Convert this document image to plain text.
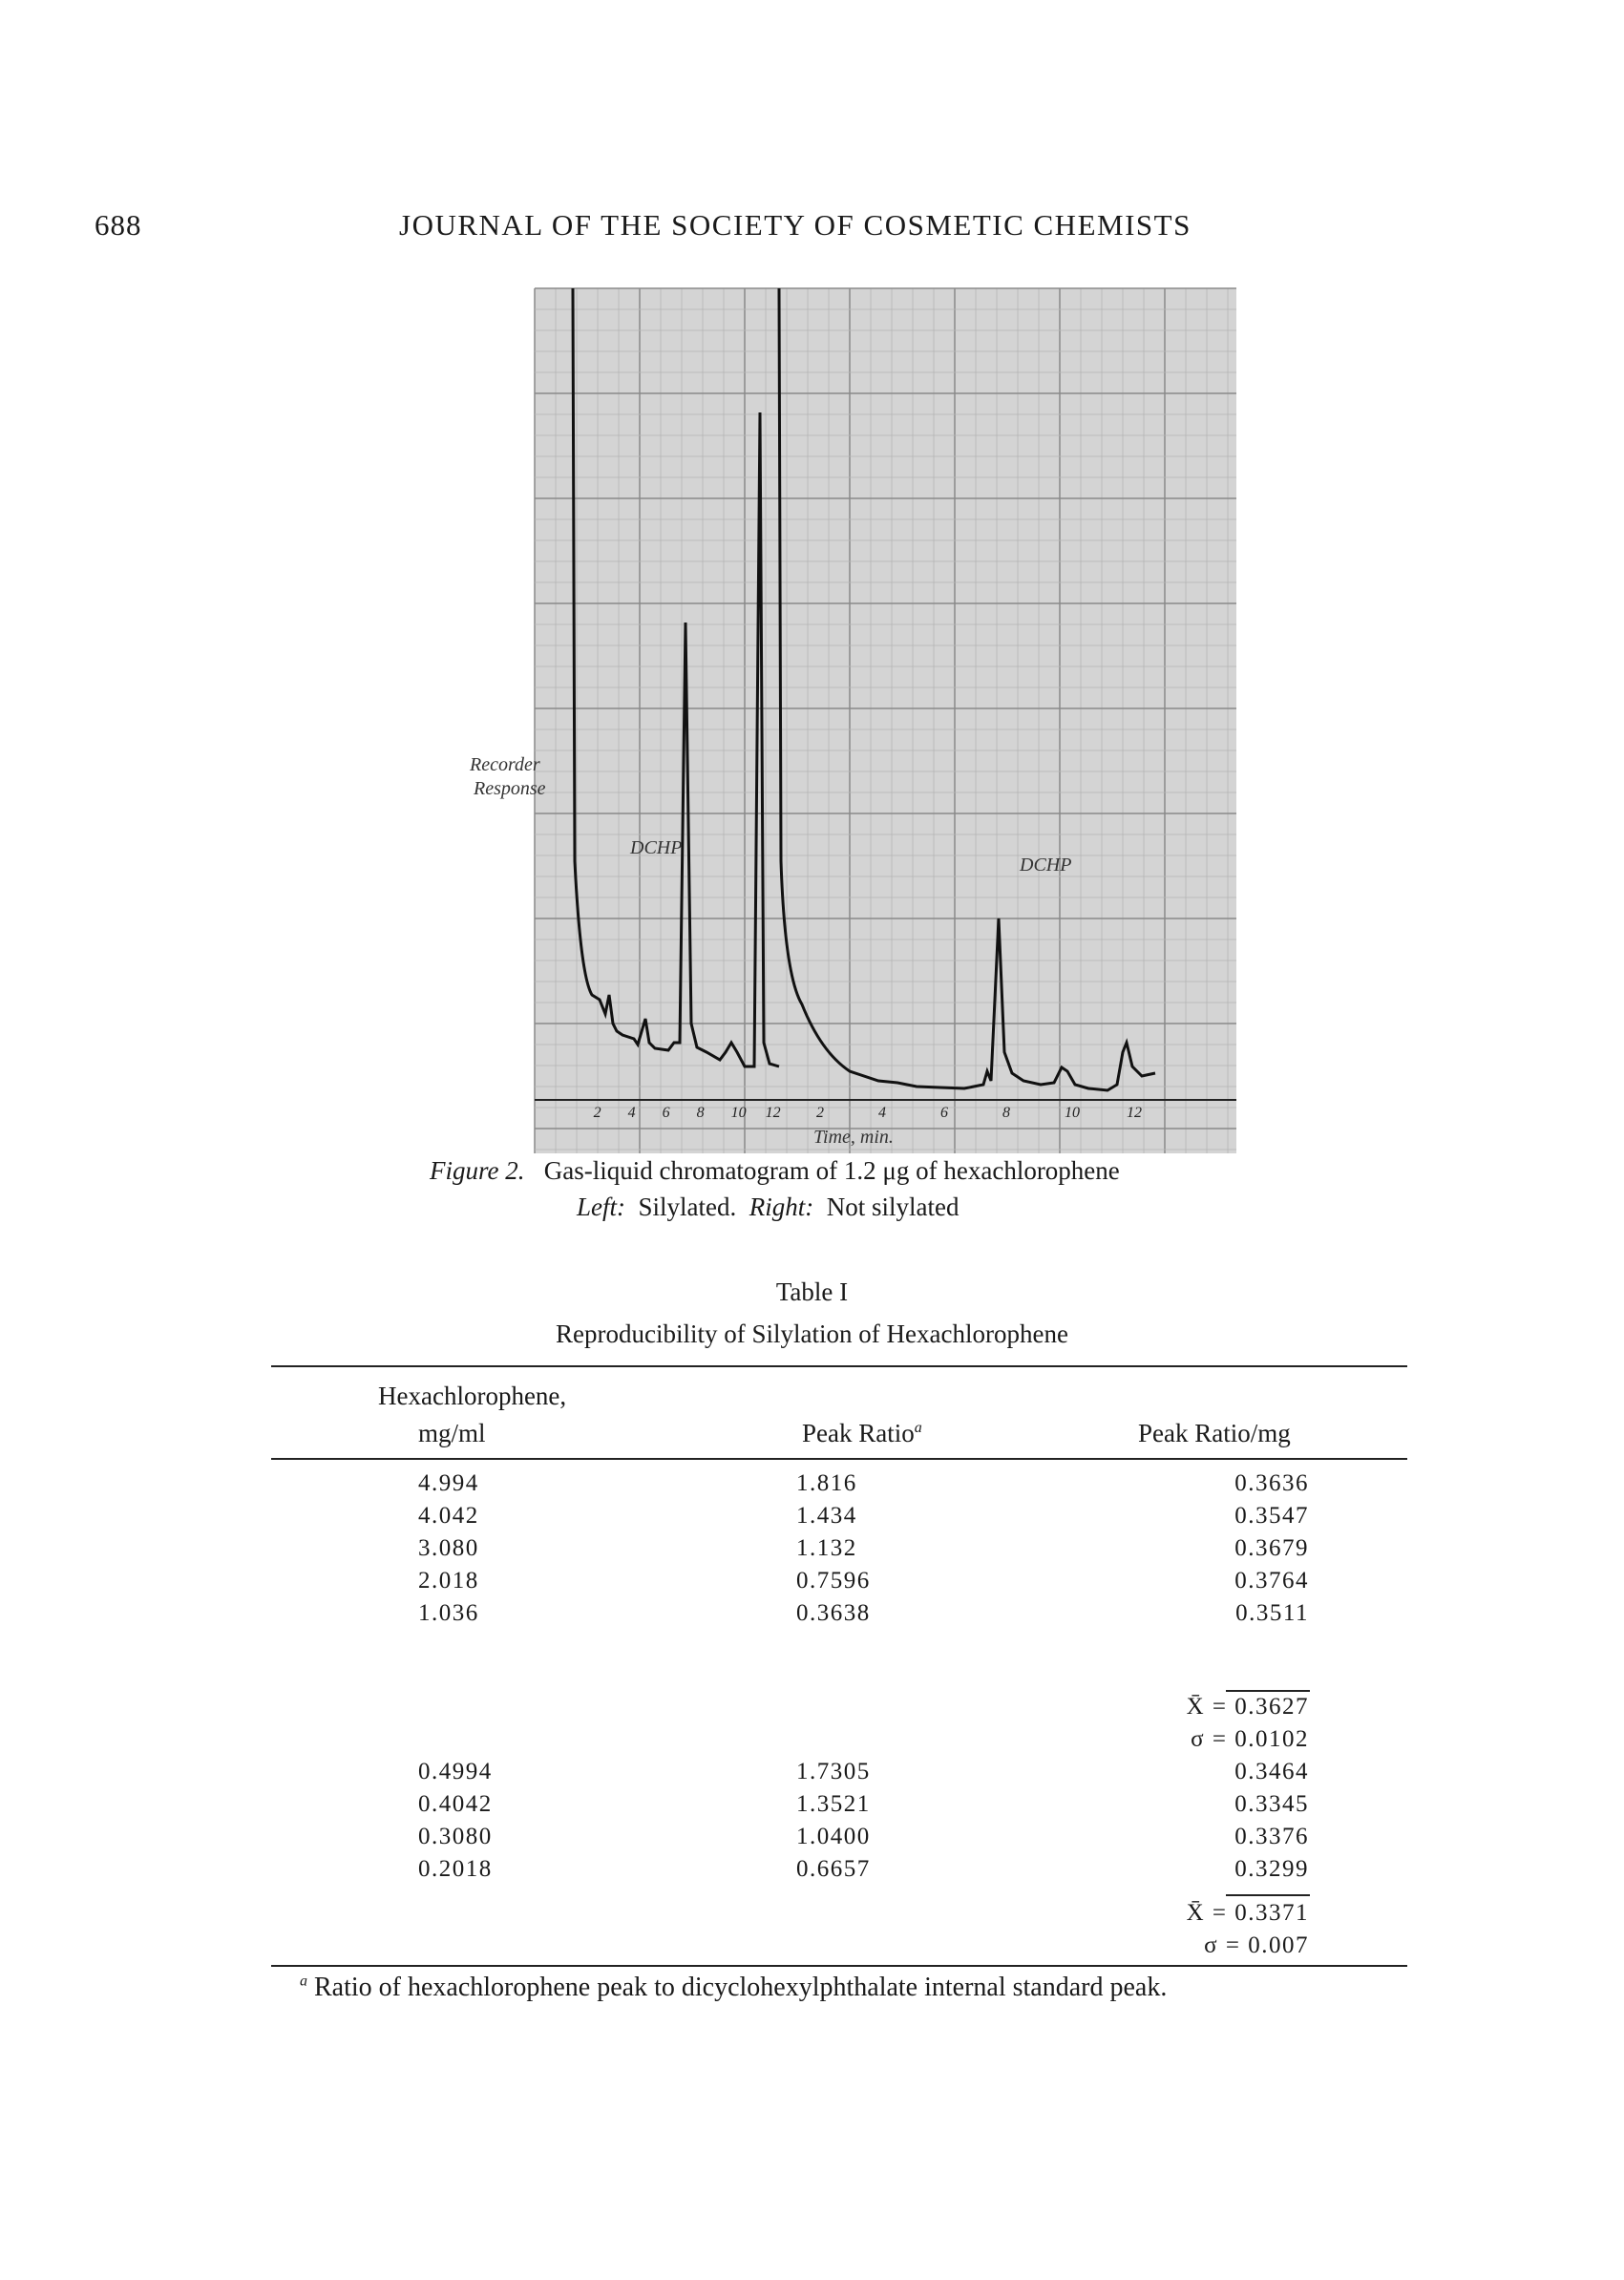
688	JOURNAL OF THE SOCIETY OF COSMETIC CHEMISTS
Recorder
Response
DCHP
DCHP
Time, min.
2 4 6 8 10 12 2	4	6	8	10	12
Figure 2. Gas-liquid chromatogram of 1.2 μg of hexachlorophene
Left: Silylated. Right: Not silylated
Table I
Reproducibility of Silylation of Hexachlorophene
Hexachlorophene,
mg/ml	Peak Ratio$^a$	Peak Ratio/mg
4.994	1.816	0.3636
4.042	1.434	0.3547
3.080	1.132	0.3679
2.018	0.7596	0.3764
1.036	0.3638	0.3511
X̄ = 0.3627
σ = 0.0102
0.4994	1.7305	0.3464
0.4042	1.3521	0.3345
0.3080	1.0400	0.3376
0.2018	0.6657	0.3299
X̄ = 0.3371
σ = 0.007
$^a$ Ratio of hexachlorophene peak to dicyclohexylphthalate internal standard peak.
